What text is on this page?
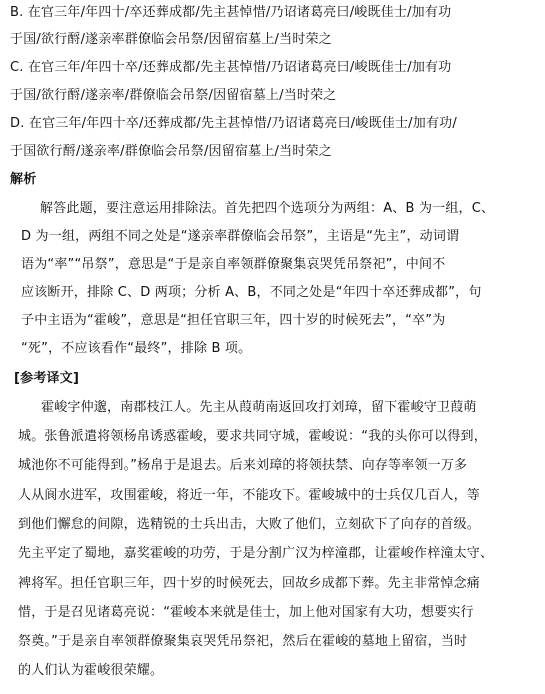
B. 在官三年/年四十/卒还葬成都/先主甚悼惜/乃诏诸葛亮曰/峻既佳士/加有功
于国/欲行酹/遂亲率群僚临会吊祭/因留宿墓上/当时荣之
C. 在官三年/年四十卒/还葬成都/先主甚悼惜/乃诏诸葛亮曰/峻既佳士/加有功
于国/欲行酹/遂亲率/群僚临会吊祭/因留宿墓上/当时荣之
D. 在官三年/年四十卒/还葬成都/先主甚悼惜/乃诏诸葛亮曰/峻既佳士/加有功/
于国欲行酹/遂亲率/群僚临会吊祭/因留宿墓上/当时荣之
解析
解答此题，要注意运用排除法。首先把四个选项分为两组：A、B 为一组，C、
D 为一组，两组不同之处是“遂亲率群僚临会吊祭”，主语是“先主”，动词谓
语为“率”“吊祭”，意思是“于是亲自率领群僚聚集哀哭凭吊祭祀”，中间不
应该断开，排除 C、D 两项；分析 A、B，不同之处是“年四十卒还葬成都”，句
子中主语为“霍峻”，意思是“担任官职三年，四十岁的时候死去”，“卒”为
“死”，不应该看作“最终”，排除 B 项。
[参考译文]
霍峻字仲邈，南郡枝江人。先主从葭萌南返回攻打刘璋，留下霍峻守卫葭萌
城。张鲁派遣将领杨帛诱惑霍峻，要求共同守城，霍峻说：“我的头你可以得到，
城池你不可能得到。”杨帛于是退去。后来刘璋的将领扶禁、向存等率领一万多
人从阆水进军，攻围霍峻，将近一年，不能攻下。霍峻城中的士兵仅几百人，等
到他们懈怠的间隙，选精锐的士兵出击，大败了他们，立刻砍下了向存的首级。
先主平定了蜀地，嘉奖霍峻的功劳，于是分割广汉为梓潼郡，让霍峻作梓潼太守、
裨将军。担任官职三年，四十岁的时候死去，回故乡成都下葬。先主非常悼念痛
惜，于是召见诸葛亮说：“霍峻本来就是佳士，加上他对国家有大功，想要实行
祭奠。”于是亲自率领群僚聚集哀哭凭吊祭祀，然后在霍峻的墓地上留宿，当时
的人们认为霍峻很荣耀。
